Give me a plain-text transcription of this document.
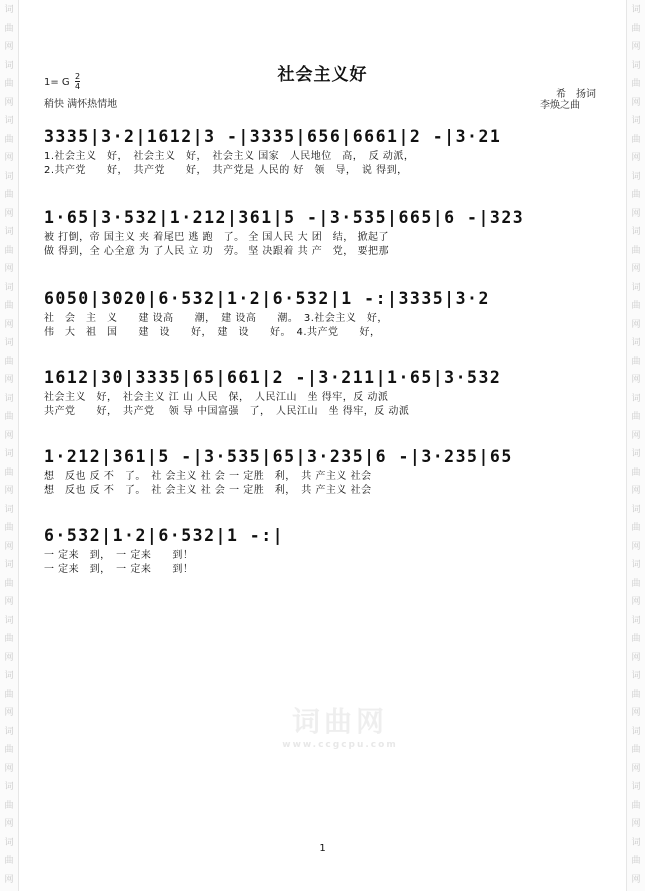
词
曲
网
词
曲
网
词
曲
网
词
曲
网
词
曲
网
词
曲
网
词
曲
网
词
曲
网
词
曲
网
词
曲
网
词
曲
网
词
曲
网
词
曲
网
词
曲
网
词
曲
网
词
曲
网
词
曲
网
词
曲
网
词
曲
网
词
曲
网
词
曲
网
词
曲
网
词
曲
网
词
曲
网
词
曲
网
词
曲
网
词
曲
网
词
曲
网
词
曲
网
词
曲
网
词
曲
网
词
曲
网
词曲网
www.ccgcpu.com
社会主义好
1= G
2
4
稍快 满怀热情地
希　扬词
李焕之曲
3335|3·2|1612|3 -|3335|656|6661|2 -|3·21
1.社会主义　好，　社会主义　好，　社会主义 国家　人民地位　高，　反 动派，
2.共产党　　好，　共产党　　好，　共产党是 人民的 好　领　导，　说 得到，
1·65|3·532|1·212|361|5 -|3·535|665|6 -|323
被 打倒，帝 国主义 夹 着尾巴 逃 跑　了。 全 国人民 大 团　结， 掀起了
做 得到，全 心全意 为 了人民 立 功　劳。 坚 决跟着 共 产　党， 要把那
6050|3020|6·532|1·2|6·532|1 -:|3335|3·2
社　会　主　义　　建 设高　　潮，　建 设高　　潮。　3.社会主义　好，
伟　大　祖　国　　建　设　　好，　建　设　　好。　4.共产党　　好，
1612|30|3335|65|661|2 -|3·211|1·65|3·532
社会主义　好，　社会主义 江 山 人民　保，　人民江山　坐 得牢，反 动派
共产党　　好，　共产党　 领 导 中国富强　了，　人民江山　坐 得牢，反 动派
1·212|361|5 -|3·535|65|3·235|6 -|3·235|65
想　反也 反 不　了。　社 会主义 社 会 一 定胜　利，　共 产主义 社会
想　反也 反 不　了。　社 会主义 社 会 一 定胜　利，　共 产主义 社会
6·532|1·2|6·532|1 -:|
一 定来　到，　一 定来　　到！
一 定来　到，　一 定来　　到！
1
